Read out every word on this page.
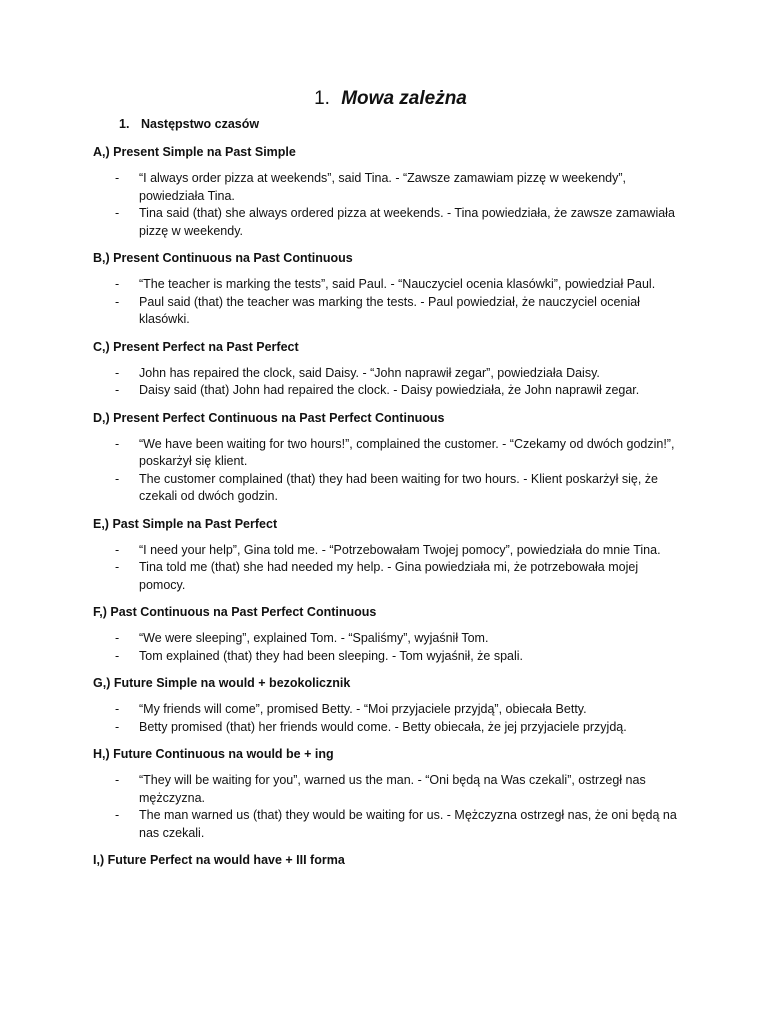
1. Mowa zależna
1. Następstwo czasów
A,) Present Simple na Past Simple
- “I always order pizza at weekends”, said Tina. - “Zawsze zamawiam pizzę w weekendy”, powiedziała Tina.
- Tina said (that) she always ordered pizza at weekends. - Tina powiedziała, że zawsze zamawiała pizzę w weekendy.
B,) Present Continuous na Past Continuous
- “The teacher is marking the tests”, said Paul. - “Nauczyciel ocenia klasówki”, powiedział Paul.
- Paul said (that) the teacher was marking the tests. - Paul powiedział, że nauczyciel oceniał klasówki.
C,) Present Perfect na Past Perfect
- John has repaired the clock, said Daisy. - “John naprawił zegar”, powiedziała Daisy.
- Daisy said (that) John had repaired the clock. - Daisy powiedziała, że John naprawił zegar.
D,) Present Perfect Continuous na Past Perfect Continuous
- “We have been waiting for two hours!”, complained the customer. - “Czekamy od dwóch godzin!”, poskarżył się klient.
- The customer complained (that) they had been waiting for two hours. - Klient poskarżył się, że czekali od dwóch godzin.
E,) Past Simple na Past Perfect
- “I need your help”, Gina told me. - “Potrzebowałam Twojej pomocy”, powiedziała do mnie Tina.
- Tina told me (that) she had needed my help. - Gina powiedziała mi, że potrzebowała mojej pomocy.
F,) Past Continuous na Past Perfect Continuous
- “We were sleeping”, explained Tom. - “Spaliśmy”, wyjaśnił Tom.
- Tom explained (that) they had been sleeping. - Tom wyjaśnił, że spali.
G,) Future Simple na would + bezokolicznik
- “My friends will come”, promised Betty. - “Moi przyjaciele przyjdą”, obiecała Betty.
- Betty promised (that) her friends would come. - Betty obiecała, że jej przyjaciele przyjdą.
H,) Future Continuous na would be + ing
- “They will be waiting for you”, warned us the man. - “Oni będą na Was czekali”, ostrzegł nas mężczyzna.
- The man warned us (that) they would be waiting for us. - Mężczyzna ostrzegł nas, że oni będą na nas czekali.
I,) Future Perfect na would have + III forma
